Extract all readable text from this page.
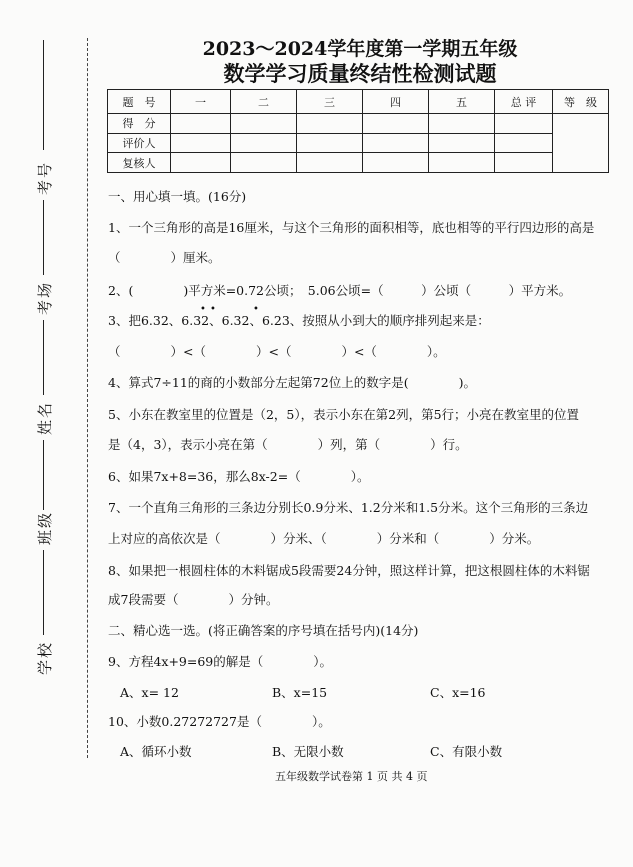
考号
考场
姓名
班级
学校
2023～2024学年度第一学期五年级
数学学习质量终结性检测试题
题　号	一	二	三	四	五	总 评	等　级
得　分							
评价人							
复核人							
一、用心填一填。(16分)
1、一个三角形的高是16厘米，与这个三角形的面积相等，底也相等的平行四边形的高是
（　　　　）厘米。
2、(　　　　)平方米=0.72公顷；　5.06公顷=（　　　）公顷（　　　）平方米。
3、把6.32、6.32、6.32、6.23、按照从小到大的顺序排列起来是：
• •	•
（　　　　）<（　　　　）<（　　　　）<（　　　　）。
4、算式7÷11的商的小数部分左起第72位上的数字是(　　　　)。
5、小东在教室里的位置是（2，5），表示小东在第2列，第5行；小亮在教室里的位置
是（4，3），表示小亮在第（　　　　）列，第（　　　　）行。
6、如果7x+8=36，那么8x-2=（　　　　）。
7、一个直角三角形的三条边分别长0.9分米、1.2分米和1.5分米。这个三角形的三条边
上对应的高依次是（　　　　）分米、（　　　　）分米和（　　　　）分米。
8、如果把一根圆柱体的木料锯成5段需要24分钟，照这样计算，把这根圆柱体的木料锯
成7段需要（　　　　）分钟。
二、精心选一选。(将正确答案的序号填在括号内)(14分)
9、方程4x+9=69的解是（　　　　）。
A、x= 12	B、x=15	C、x=16
10、小数0.27272727是（　　　　）。
A、循环小数	B、无限小数	C、有限小数
五年级数学试卷第 1 页 共 4 页
